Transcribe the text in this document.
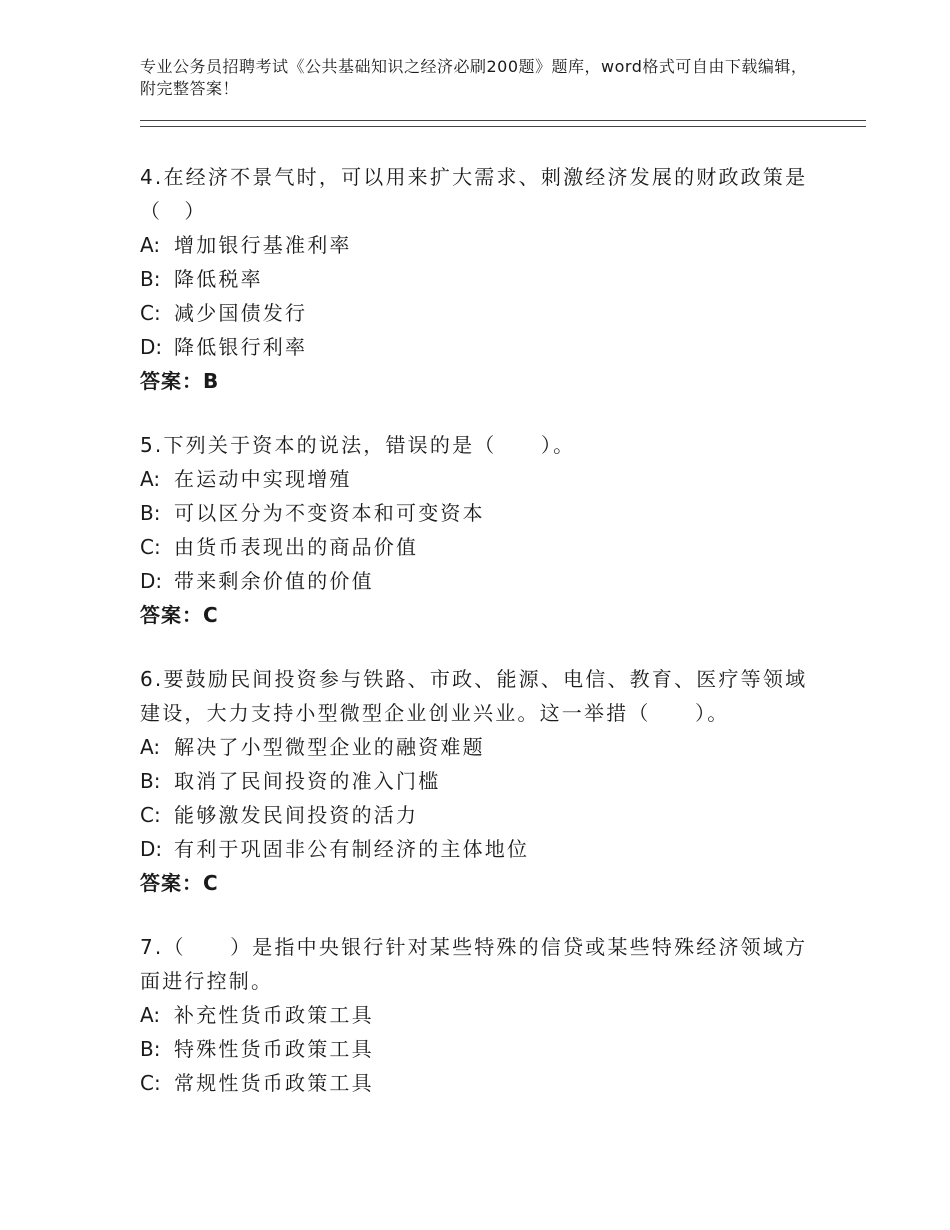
专业公务员招聘考试《公共基础知识之经济必刷200题》题库，word格式可自由下载编辑，附完整答案！

4.在经济不景气时，可以用来扩大需求、刺激经济发展的财政政策是（　）

A: 增加银行基准利率

B: 降低税率

C: 减少国债发行

D: 降低银行利率

答案：B

5.下列关于资本的说法，错误的是（　　）。

A: 在运动中实现增殖

B: 可以区分为不变资本和可变资本

C: 由货币表现出的商品价值

D: 带来剩余价值的价值

答案：C

6.要鼓励民间投资参与铁路、市政、能源、电信、教育、医疗等领域建设，大力支持小型微型企业创业兴业。这一举措（　　）。

A: 解决了小型微型企业的融资难题

B: 取消了民间投资的准入门槛

C: 能够激发民间投资的活力

D: 有利于巩固非公有制经济的主体地位

答案：C

7.（　　）是指中央银行针对某些特殊的信贷或某些特殊经济领域方面进行控制。

A: 补充性货币政策工具

B: 特殊性货币政策工具

C: 常规性货币政策工具
